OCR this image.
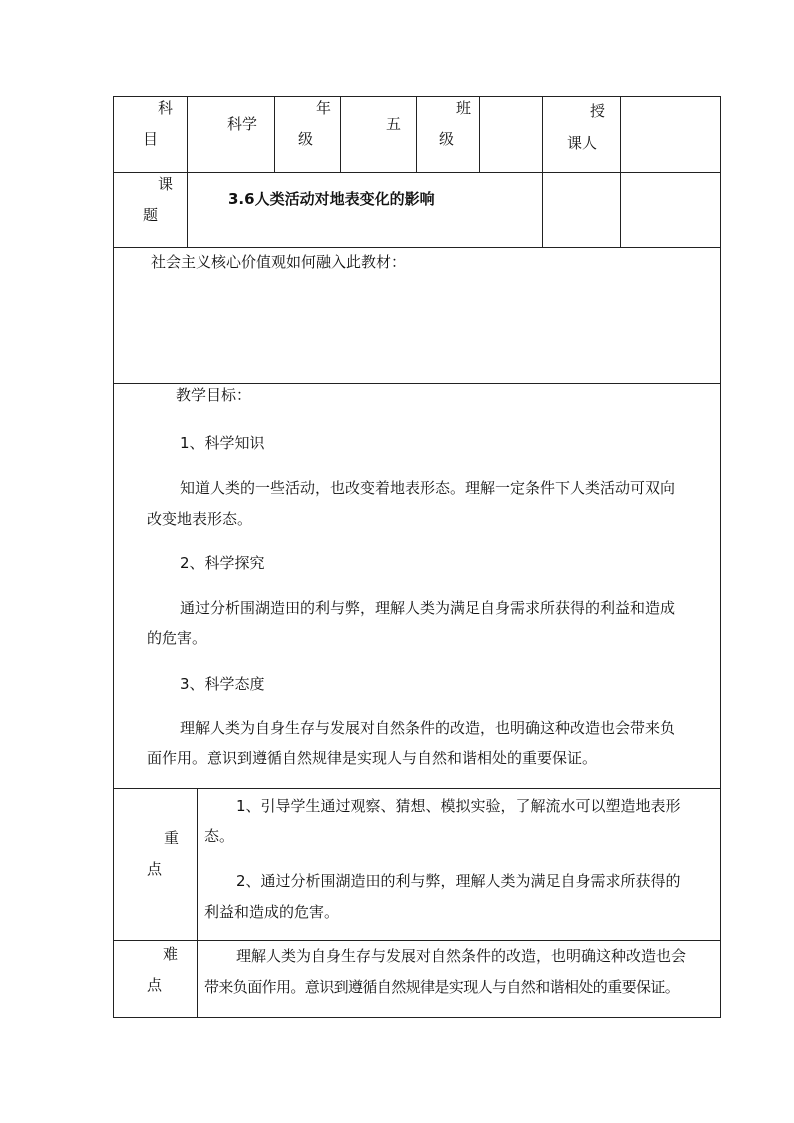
科
目
科学
年
级
五
班
级
授
课人
课
题
3.6人类活动对地表变化的影响
社会主义核心价值观如何融入此教材：
教学目标：
1、科学知识
知道人类的一些活动，也改变着地表形态。理解一定条件下人类活动可双向
改变地表形态。
2、科学探究
通过分析围湖造田的利与弊，理解人类为满足自身需求所获得的利益和造成
的危害。
3、科学态度
理解人类为自身生存与发展对自然条件的改造，也明确这种改造也会带来负
面作用。意识到遵循自然规律是实现人与自然和谐相处的重要保证。
重
点
1、引导学生通过观察、猜想、模拟实验，了解流水可以塑造地表形
态。
2、通过分析围湖造田的利与弊，理解人类为满足自身需求所获得的
利益和造成的危害。
难
点
理解人类为自身生存与发展对自然条件的改造，也明确这种改造也会
带来负面作用。意识到遵循自然规律是实现人与自然和谐相处的重要保证。
